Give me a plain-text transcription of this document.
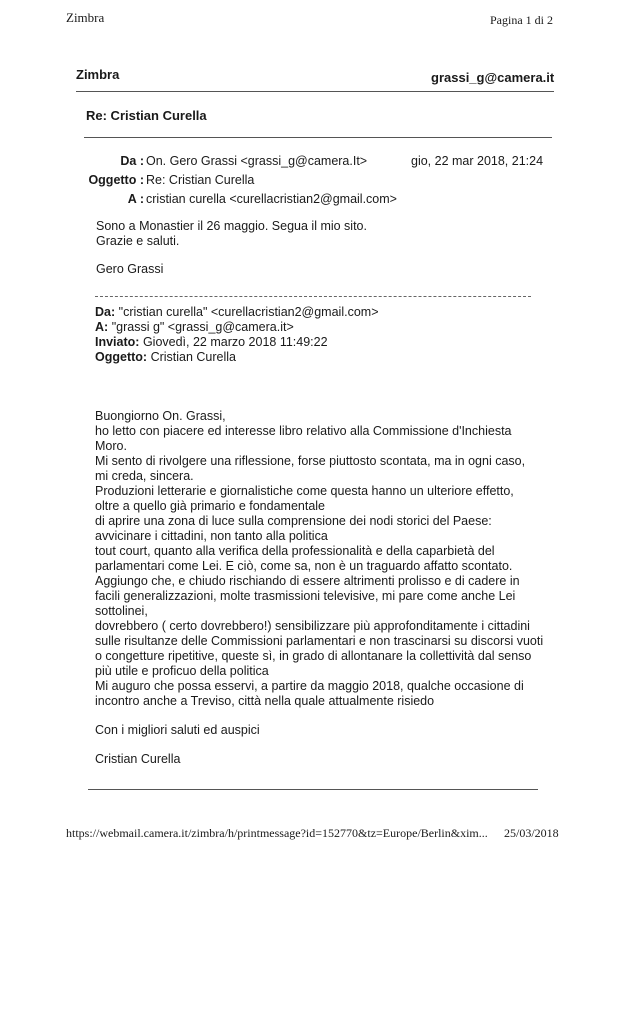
Zimbra	Pagina 1 di 2
Zimbra	grassi_g@camera.it
Re: Cristian Curella
Da : On. Gero Grassi <grassi_g@camera.It>	gio, 22 mar 2018, 21:24
Oggetto : Re: Cristian Curella
A : cristian curella <curellacristian2@gmail.com>
Sono a Monastier il 26 maggio. Segua il mio sito.
Grazie e saluti.
Gero Grassi
Da: "cristian curella" <curellacristian2@gmail.com>
A: "grassi g" <grassi_g@camera.it>
Inviato: Giovedì, 22 marzo 2018 11:49:22
Oggetto: Cristian Curella
Buongiorno On. Grassi,
ho letto con piacere ed interesse libro relativo alla Commissione d'Inchiesta
Moro.
Mi sento di rivolgere una riflessione, forse piuttosto scontata, ma in ogni caso,
mi creda, sincera.
Produzioni letterarie e giornalistiche come questa hanno un ulteriore effetto,
oltre a quello già primario e fondamentale
di aprire una zona di luce sulla comprensione dei nodi storici del Paese:
avvicinare i cittadini, non tanto alla politica
tout court, quanto alla verifica della professionalità e della caparbietà del
parlamentari come Lei. E ciò, come sa, non è un traguardo affatto scontato.
Aggiungo che, e chiudo rischiando di essere altrimenti prolisso e di cadere in
facili generalizzazioni, molte trasmissioni televisive, mi pare come anche Lei
sottolinei,
dovrebbero ( certo dovrebbero!) sensibilizzare più approfonditamente i cittadini
sulle risultanze delle Commissioni parlamentari e non trascinarsi su discorsi vuoti
o congetture ripetitive, queste sì, in grado di allontanare la collettività dal senso
più utile e proficuo della politica
Mi auguro che possa esservi, a partire da maggio 2018, qualche occasione di
incontro anche a Treviso, città nella quale attualmente risiedo
Con i migliori saluti ed auspici
Cristian Curella
https://webmail.camera.it/zimbra/h/printmessage?id=152770&tz=Europe/Berlin&xim... 25/03/2018
